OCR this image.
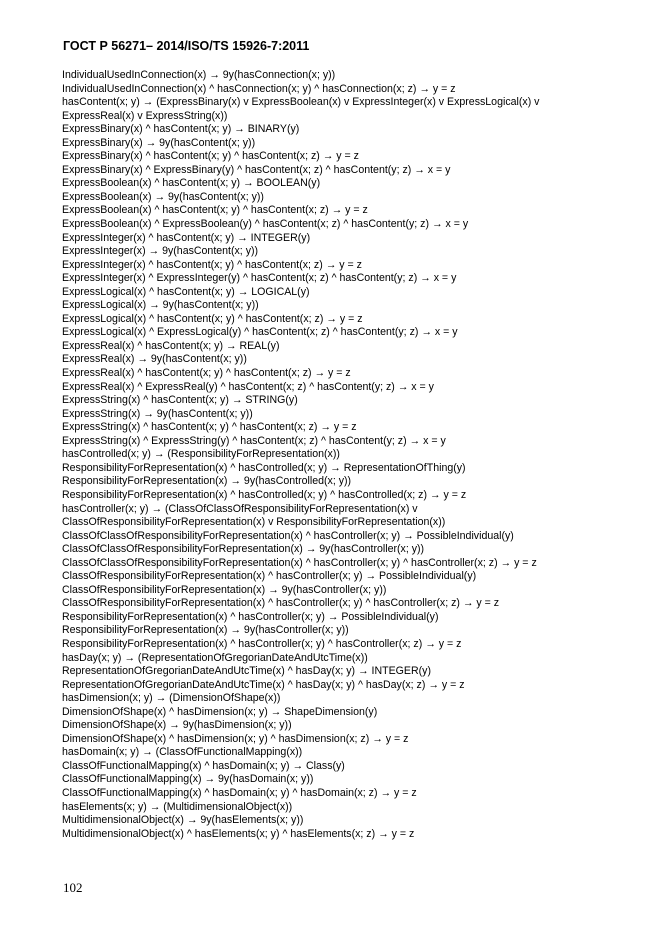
ГОСТ Р 56271– 2014/ISO/TS 15926-7:2011
IndividualUsedInConnection(x) → 9y(hasConnection(x; y))
IndividualUsedInConnection(x) ^ hasConnection(x; y) ^ hasConnection(x; z) → y = z
hasContent(x; y) → (ExpressBinary(x) v ExpressBoolean(x) v ExpressInteger(x) v ExpressLogical(x) v
ExpressReal(x) v ExpressString(x))
ExpressBinary(x) ^ hasContent(x; y) → BINARY(y)
ExpressBinary(x) → 9y(hasContent(x; y))
ExpressBinary(x) ^ hasContent(x; y) ^ hasContent(x; z) → y = z
ExpressBinary(x) ^ ExpressBinary(y) ^ hasContent(x; z) ^ hasContent(y; z) → x = y
ExpressBoolean(x) ^ hasContent(x; y) → BOOLEAN(y)
ExpressBoolean(x) → 9y(hasContent(x; y))
ExpressBoolean(x) ^ hasContent(x; y) ^ hasContent(x; z) → y = z
ExpressBoolean(x) ^ ExpressBoolean(y) ^ hasContent(x; z) ^ hasContent(y; z) → x = y
ExpressInteger(x) ^ hasContent(x; y) → INTEGER(y)
ExpressInteger(x) → 9y(hasContent(x; y))
ExpressInteger(x) ^ hasContent(x; y) ^ hasContent(x; z) → y = z
ExpressInteger(x) ^ ExpressInteger(y) ^ hasContent(x; z) ^ hasContent(y; z) → x = y
ExpressLogical(x) ^ hasContent(x; y) → LOGICAL(y)
ExpressLogical(x) → 9y(hasContent(x; y))
ExpressLogical(x) ^ hasContent(x; y) ^ hasContent(x; z) → y = z
ExpressLogical(x) ^ ExpressLogical(y) ^ hasContent(x; z) ^ hasContent(y; z) → x = y
ExpressReal(x) ^ hasContent(x; y) → REAL(y)
ExpressReal(x) → 9y(hasContent(x; y))
ExpressReal(x) ^ hasContent(x; y) ^ hasContent(x; z) → y = z
ExpressReal(x) ^ ExpressReal(y) ^ hasContent(x; z) ^ hasContent(y; z) → x = y
ExpressString(x) ^ hasContent(x; y) → STRING(y)
ExpressString(x) → 9y(hasContent(x; y))
ExpressString(x) ^ hasContent(x; y) ^ hasContent(x; z) → y = z
ExpressString(x) ^ ExpressString(y) ^ hasContent(x; z) ^ hasContent(y; z) → x = y
hasControlled(x; y) → (ResponsibilityForRepresentation(x))
ResponsibilityForRepresentation(x) ^ hasControlled(x; y) → RepresentationOfThing(y)
ResponsibilityForRepresentation(x) → 9y(hasControlled(x; y))
ResponsibilityForRepresentation(x) ^ hasControlled(x; y) ^ hasControlled(x; z) → y = z
hasController(x; y) → (ClassOfClassOfResponsibilityForRepresentation(x) v
ClassOfResponsibilityForRepresentation(x) v ResponsibilityForRepresentation(x))
ClassOfClassOfResponsibilityForRepresentation(x) ^ hasController(x; y) → PossibleIndividual(y)
ClassOfClassOfResponsibilityForRepresentation(x) → 9y(hasController(x; y))
ClassOfClassOfResponsibilityForRepresentation(x) ^ hasController(x; y) ^ hasController(x; z) → y = z
ClassOfResponsibilityForRepresentation(x) ^ hasController(x; y) → PossibleIndividual(y)
ClassOfResponsibilityForRepresentation(x) → 9y(hasController(x; y))
ClassOfResponsibilityForRepresentation(x) ^ hasController(x; y) ^ hasController(x; z) → y = z
ResponsibilityForRepresentation(x) ^ hasController(x; y) → PossibleIndividual(y)
ResponsibilityForRepresentation(x) → 9y(hasController(x; y))
ResponsibilityForRepresentation(x) ^ hasController(x; y) ^ hasController(x; z) → y = z
hasDay(x; y) → (RepresentationOfGregorianDateAndUtcTime(x))
RepresentationOfGregorianDateAndUtcTime(x) ^ hasDay(x; y) → INTEGER(y)
RepresentationOfGregorianDateAndUtcTime(x) ^ hasDay(x; y) ^ hasDay(x; z) → y = z
hasDimension(x; y) → (DimensionOfShape(x))
DimensionOfShape(x) ^ hasDimension(x; y) → ShapeDimension(y)
DimensionOfShape(x) → 9y(hasDimension(x; y))
DimensionOfShape(x) ^ hasDimension(x; y) ^ hasDimension(x; z) → y = z
hasDomain(x; y) → (ClassOfFunctionalMapping(x))
ClassOfFunctionalMapping(x) ^ hasDomain(x; y) → Class(y)
ClassOfFunctionalMapping(x) → 9y(hasDomain(x; y))
ClassOfFunctionalMapping(x) ^ hasDomain(x; y) ^ hasDomain(x; z) → y = z
hasElements(x; y) → (MultidimensionalObject(x))
MultidimensionalObject(x) → 9y(hasElements(x; y))
MultidimensionalObject(x) ^ hasElements(x; y) ^ hasElements(x; z) → y = z
102
